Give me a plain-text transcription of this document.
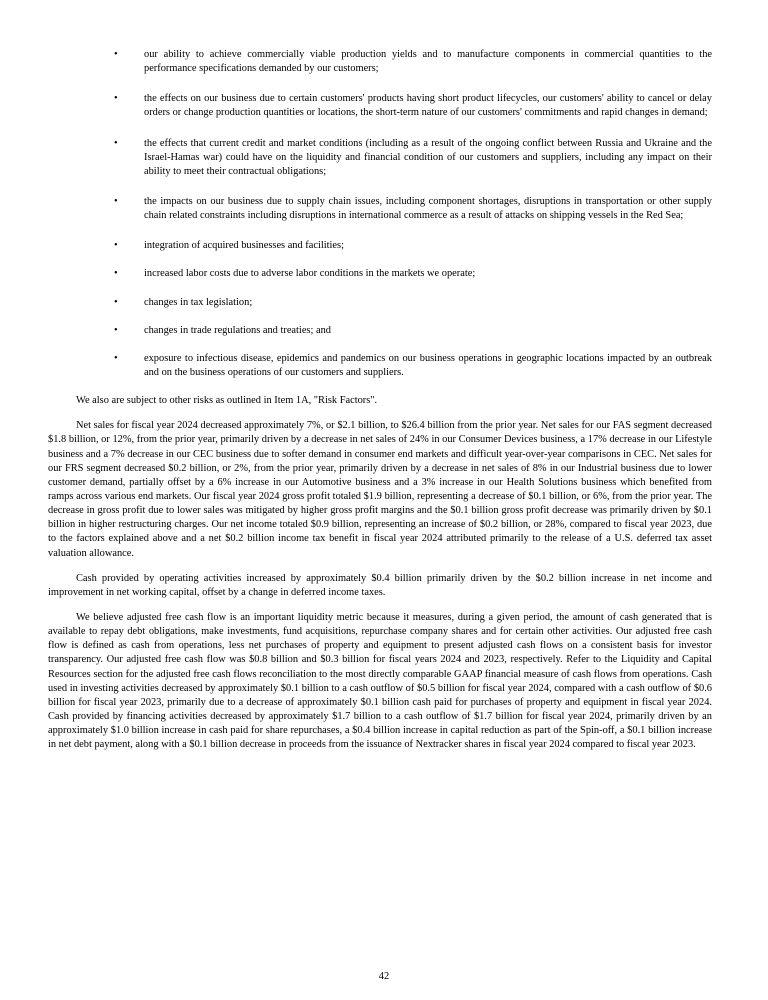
•	our ability to achieve commercially viable production yields and to manufacture components in commercial quantities to the performance specifications demanded by our customers;
•	the effects on our business due to certain customers' products having short product lifecycles, our customers' ability to cancel or delay orders or change production quantities or locations, the short-term nature of our customers' commitments and rapid changes in demand;
•	the effects that current credit and market conditions (including as a result of the ongoing conflict between Russia and Ukraine and the Israel-Hamas war) could have on the liquidity and financial condition of our customers and suppliers, including any impact on their ability to meet their contractual obligations;
•	the impacts on our business due to supply chain issues, including component shortages, disruptions in transportation or other supply chain related constraints including disruptions in international commerce as a result of attacks on shipping vessels in the Red Sea;
•	integration of acquired businesses and facilities;
•	increased labor costs due to adverse labor conditions in the markets we operate;
•	changes in tax legislation;
•	changes in trade regulations and treaties; and
•	exposure to infectious disease, epidemics and pandemics on our business operations in geographic locations impacted by an outbreak and on the business operations of our customers and suppliers.

We also are subject to other risks as outlined in Item 1A, "Risk Factors".

Net sales for fiscal year 2024 decreased approximately 7%, or $2.1 billion, to $26.4 billion from the prior year. Net sales for our FAS segment decreased $1.8 billion, or 12%, from the prior year, primarily driven by a decrease in net sales of 24% in our Consumer Devices business, a 17% decrease in our Lifestyle business and a 7% decrease in our CEC business due to softer demand in consumer end markets and difficult year-over-year comparisons in CEC. Net sales for our FRS segment decreased $0.2 billion, or 2%, from the prior year, primarily driven by a decrease in net sales of 8% in our Industrial business due to lower customer demand, partially offset by a 6% increase in our Automotive business and a 3% increase in our Health Solutions business which benefited from ramps across various end markets. Our fiscal year 2024 gross profit totaled $1.9 billion, representing a decrease of $0.1 billion, or 6%, from the prior year. The decrease in gross profit due to lower sales was mitigated by higher gross profit margins and the $0.1 billion gross profit decrease was primarily driven by $0.1 billion in higher restructuring charges. Our net income totaled $0.9 billion, representing an increase of $0.2 billion, or 28%, compared to fiscal year 2023, due to the factors explained above and a net $0.2 billion income tax benefit in fiscal year 2024 attributed primarily to the release of a U.S. deferred tax asset valuation allowance.

Cash provided by operating activities increased by approximately $0.4 billion primarily driven by the $0.2 billion increase in net income and improvement in net working capital, offset by a change in deferred income taxes.

We believe adjusted free cash flow is an important liquidity metric because it measures, during a given period, the amount of cash generated that is available to repay debt obligations, make investments, fund acquisitions, repurchase company shares and for certain other activities. Our adjusted free cash flow is defined as cash from operations, less net purchases of property and equipment to present adjusted cash flows on a consistent basis for investor transparency. Our adjusted free cash flow was $0.8 billion and $0.3 billion for fiscal years 2024 and 2023, respectively. Refer to the Liquidity and Capital Resources section for the adjusted free cash flows reconciliation to the most directly comparable GAAP financial measure of cash flows from operations. Cash used in investing activities decreased by approximately $0.1 billion to a cash outflow of $0.5 billion for fiscal year 2024, compared with a cash outflow of $0.6 billion for fiscal year 2023, primarily due to a decrease of approximately $0.1 billion cash paid for purchases of property and equipment in fiscal year 2024. Cash provided by financing activities decreased by approximately $1.7 billion to a cash outflow of $1.7 billion for fiscal year 2024, primarily driven by an approximately $1.0 billion increase in cash paid for share repurchases, a $0.4 billion increase in capital reduction as part of the Spin-off, a $0.1 billion increase in net debt payment, along with a $0.1 billion decrease in proceeds from the issuance of Nextracker shares in fiscal year 2024 compared to fiscal year 2023.

42
